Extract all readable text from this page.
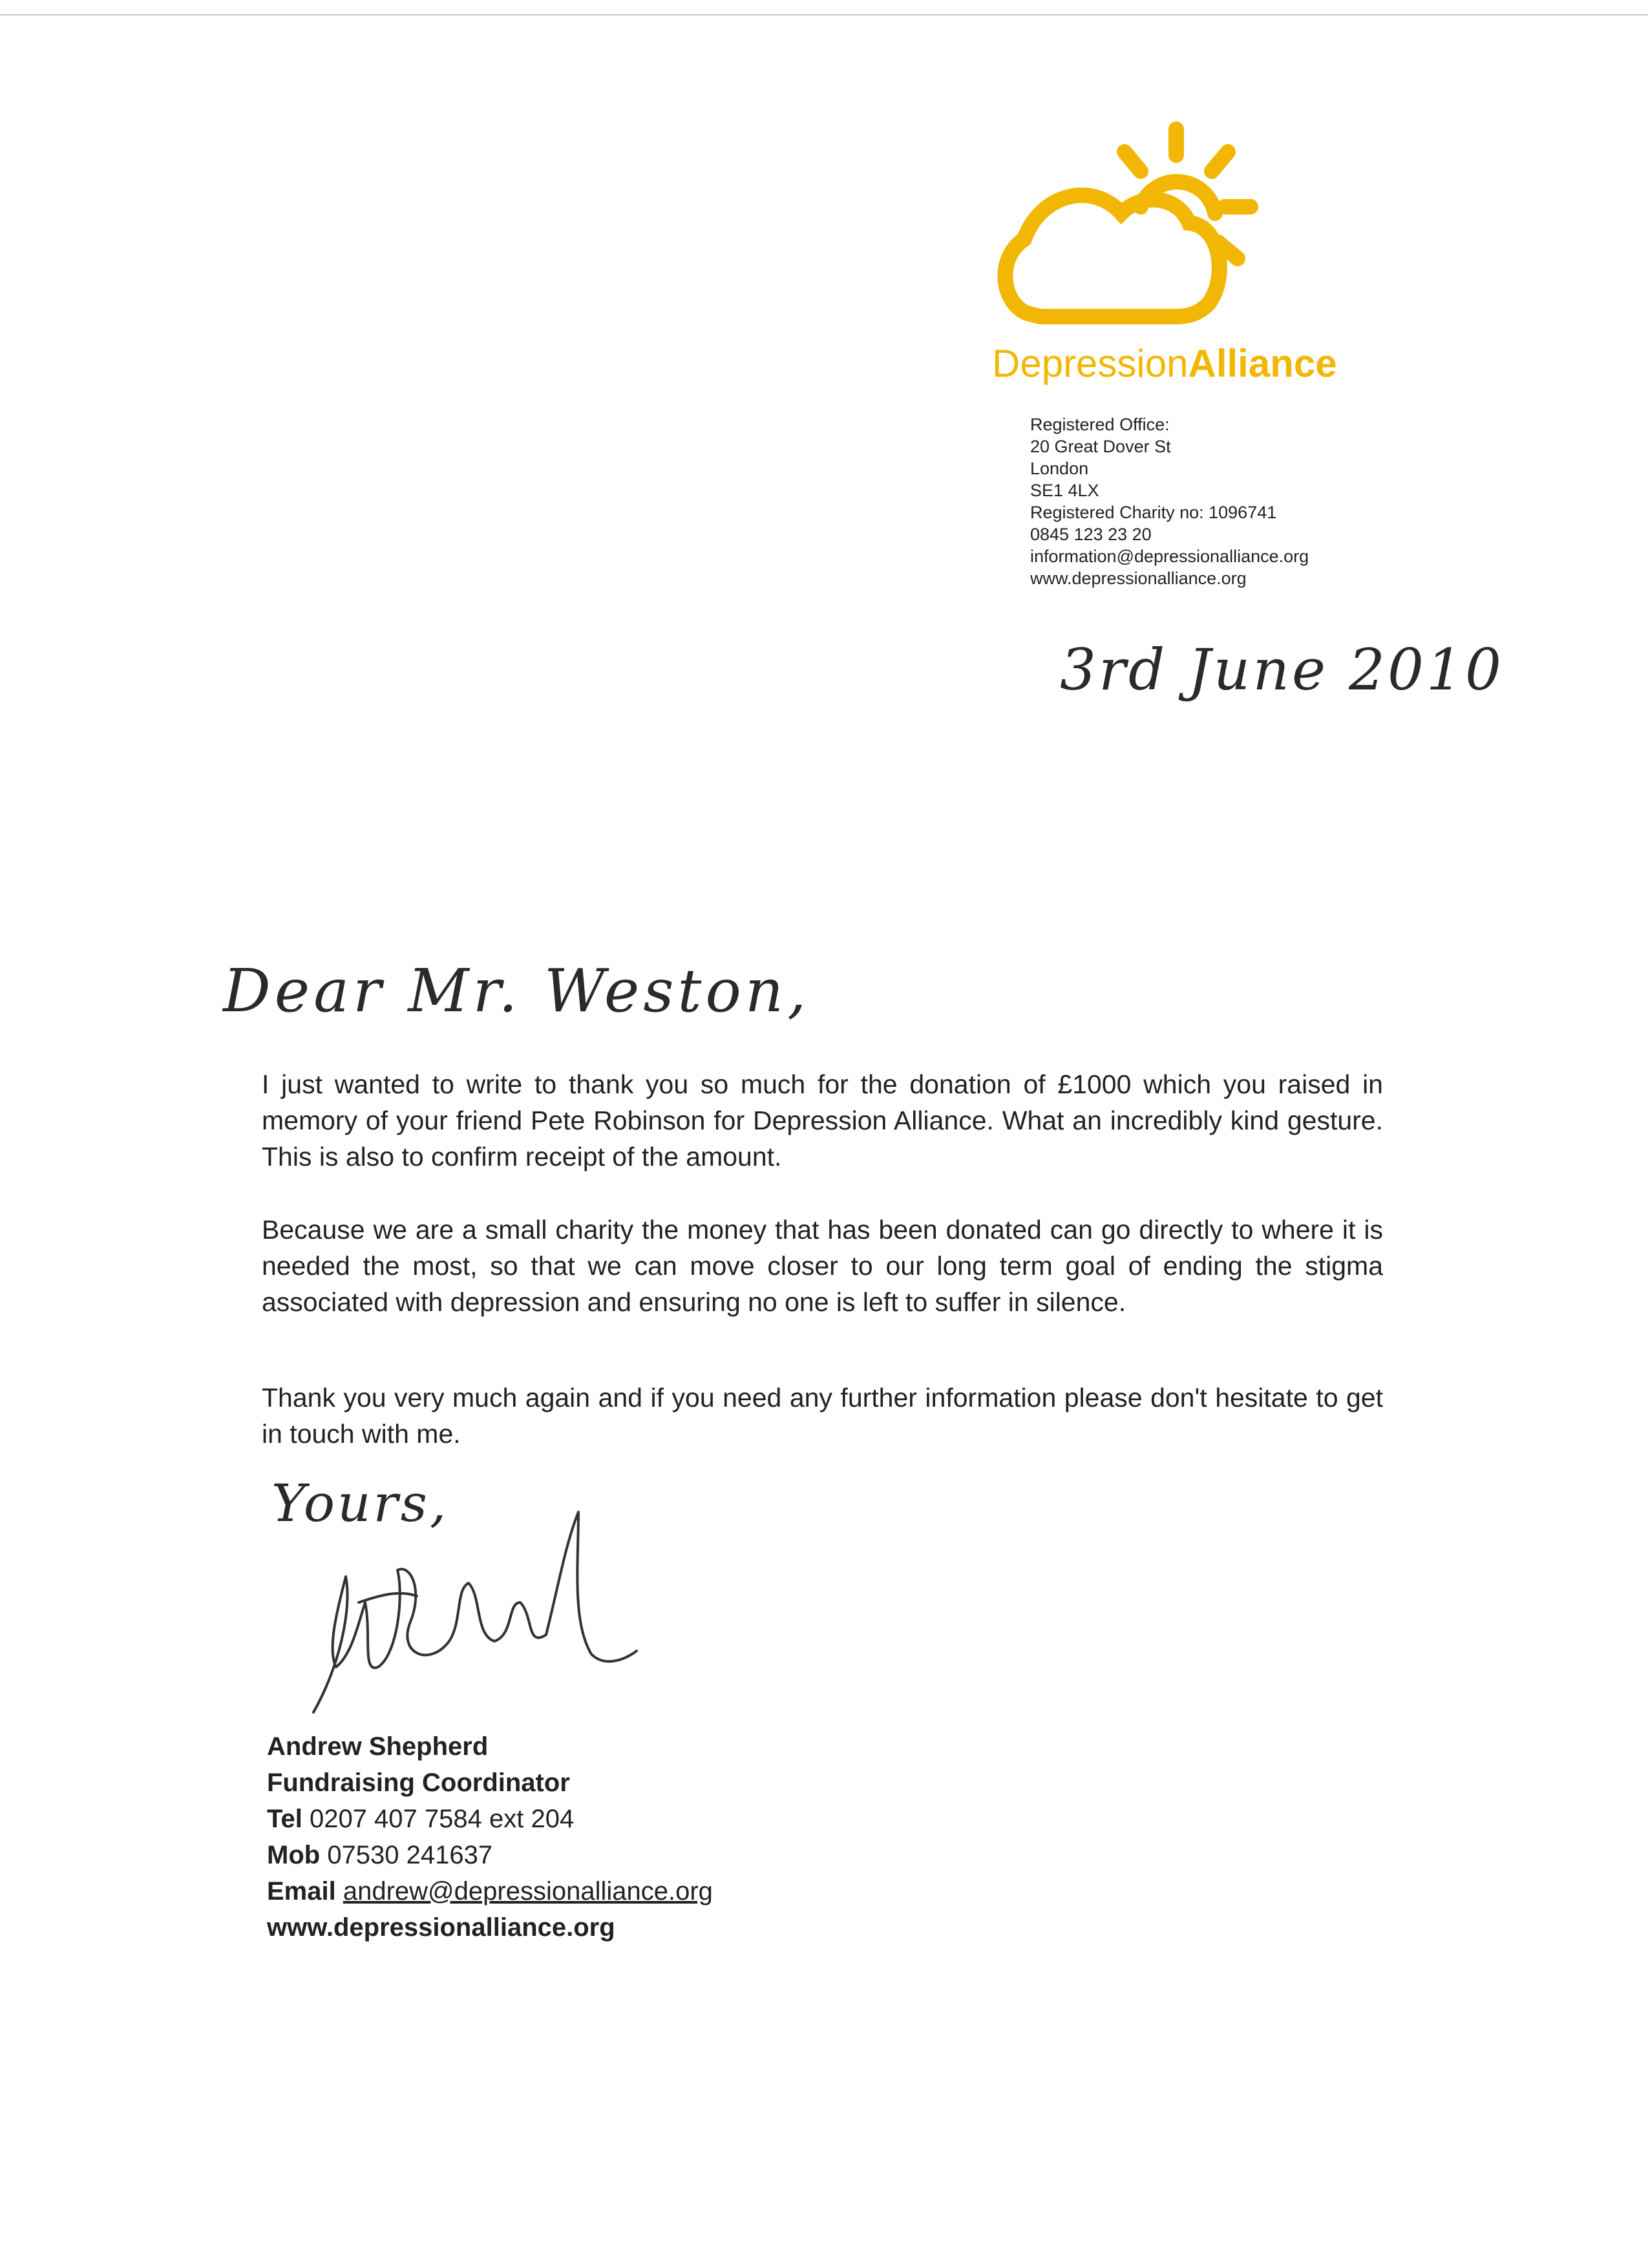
DepressionAlliance
Registered Office:
20 Great Dover St
London
SE1 4LX
Registered Charity no: 1096741
0845 123 23 20
information@depressionalliance.org
www.depressionalliance.org
3rd June 2010
Dear Mr. Weston,
I just wanted to write to thank you so much for the donation of £1000 which you raised in memory of your friend Pete Robinson for Depression Alliance. What an incredibly kind gesture. This is also to confirm receipt of the amount.
Because we are a small charity the money that has been donated can go directly to where it is needed the most, so that we can move closer to our long term goal of ending the stigma associated with depression and ensuring no one is left to suffer in silence.
Thank you very much again and if you need any further information please don't hesitate to get in touch with me.
Yours,
Andrew Shepherd
Fundraising Coordinator
Tel 0207 407 7584 ext 204
Mob 07530 241637
Email andrew@depressionalliance.org
www.depressionalliance.org
